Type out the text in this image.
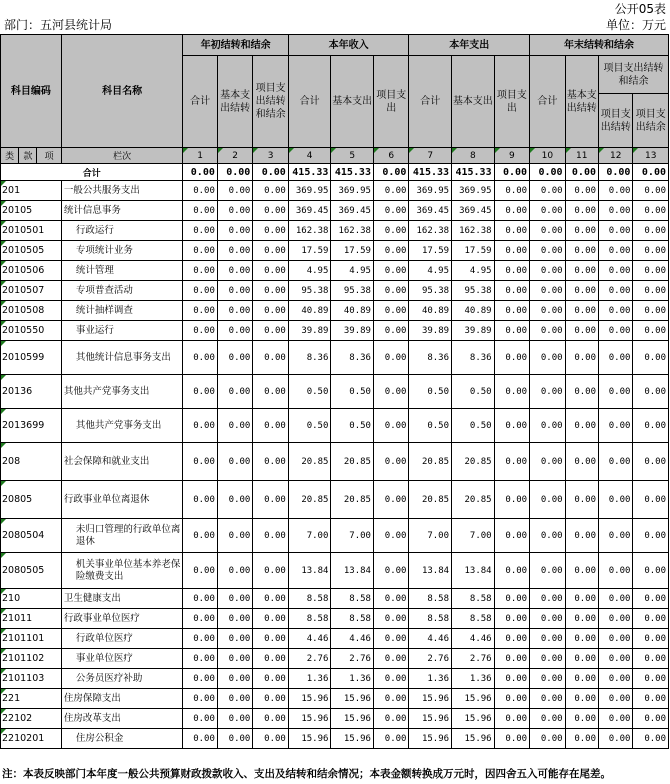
公开05表
部门：五河县统计局	单位：万元
科目编码			科目名称	年初结转和结余			本年收入			本年支出			年末结转和结余			
				合计	基本支出结转	项目支出结转和结余	合计	基本支出	项目支出	合计	基本支出	项目支出	合计	基本支出结转	项目支出结转和结余	
															项目支出结转	项目支出结余
类	款	项	栏次	1	2	3	4	5	6	7	8	9	10	11	12	13
合计				0.00	0.00	0.00	415.33	415.33	0.00	415.33	415.33	0.00	0.00	0.00	0.00	0.00
201			一般公共服务支出	0.00	0.00	0.00	369.95	369.95	0.00	369.95	369.95	0.00	0.00	0.00	0.00	0.00
20105			统计信息事务	0.00	0.00	0.00	369.45	369.45	0.00	369.45	369.45	0.00	0.00	0.00	0.00	0.00
2010501			行政运行	0.00	0.00	0.00	162.38	162.38	0.00	162.38	162.38	0.00	0.00	0.00	0.00	0.00
2010505			专项统计业务	0.00	0.00	0.00	17.59	17.59	0.00	17.59	17.59	0.00	0.00	0.00	0.00	0.00
2010506			统计管理	0.00	0.00	0.00	4.95	4.95	0.00	4.95	4.95	0.00	0.00	0.00	0.00	0.00
2010507			专项普查活动	0.00	0.00	0.00	95.38	95.38	0.00	95.38	95.38	0.00	0.00	0.00	0.00	0.00
2010508			统计抽样调查	0.00	0.00	0.00	40.89	40.89	0.00	40.89	40.89	0.00	0.00	0.00	0.00	0.00
2010550			事业运行	0.00	0.00	0.00	39.89	39.89	0.00	39.89	39.89	0.00	0.00	0.00	0.00	0.00
2010599			其他统计信息事务支出	0.00	0.00	0.00	8.36	8.36	0.00	8.36	8.36	0.00	0.00	0.00	0.00	0.00
20136			其他共产党事务支出	0.00	0.00	0.00	0.50	0.50	0.00	0.50	0.50	0.00	0.00	0.00	0.00	0.00
2013699			其他共产党事务支出	0.00	0.00	0.00	0.50	0.50	0.00	0.50	0.50	0.00	0.00	0.00	0.00	0.00
208			社会保障和就业支出	0.00	0.00	0.00	20.85	20.85	0.00	20.85	20.85	0.00	0.00	0.00	0.00	0.00
20805			行政事业单位离退休	0.00	0.00	0.00	20.85	20.85	0.00	20.85	20.85	0.00	0.00	0.00	0.00	0.00
2080504			未归口管理的行政单位离退休	0.00	0.00	0.00	7.00	7.00	0.00	7.00	7.00	0.00	0.00	0.00	0.00	0.00
2080505			机关事业单位基本养老保险缴费支出	0.00	0.00	0.00	13.84	13.84	0.00	13.84	13.84	0.00	0.00	0.00	0.00	0.00
210			卫生健康支出	0.00	0.00	0.00	8.58	8.58	0.00	8.58	8.58	0.00	0.00	0.00	0.00	0.00
21011			行政事业单位医疗	0.00	0.00	0.00	8.58	8.58	0.00	8.58	8.58	0.00	0.00	0.00	0.00	0.00
2101101			行政单位医疗	0.00	0.00	0.00	4.46	4.46	0.00	4.46	4.46	0.00	0.00	0.00	0.00	0.00
2101102			事业单位医疗	0.00	0.00	0.00	2.76	2.76	0.00	2.76	2.76	0.00	0.00	0.00	0.00	0.00
2101103			公务员医疗补助	0.00	0.00	0.00	1.36	1.36	0.00	1.36	1.36	0.00	0.00	0.00	0.00	0.00
221			住房保障支出	0.00	0.00	0.00	15.96	15.96	0.00	15.96	15.96	0.00	0.00	0.00	0.00	0.00
22102			住房改革支出	0.00	0.00	0.00	15.96	15.96	0.00	15.96	15.96	0.00	0.00	0.00	0.00	0.00
2210201			住房公积金	0.00	0.00	0.00	15.96	15.96	0.00	15.96	15.96	0.00	0.00	0.00	0.00	0.00
注：本表反映部门本年度一般公共预算财政拨款收入、支出及结转和结余情况；本表金额转换成万元时，因四舍五入可能存在尾差。
